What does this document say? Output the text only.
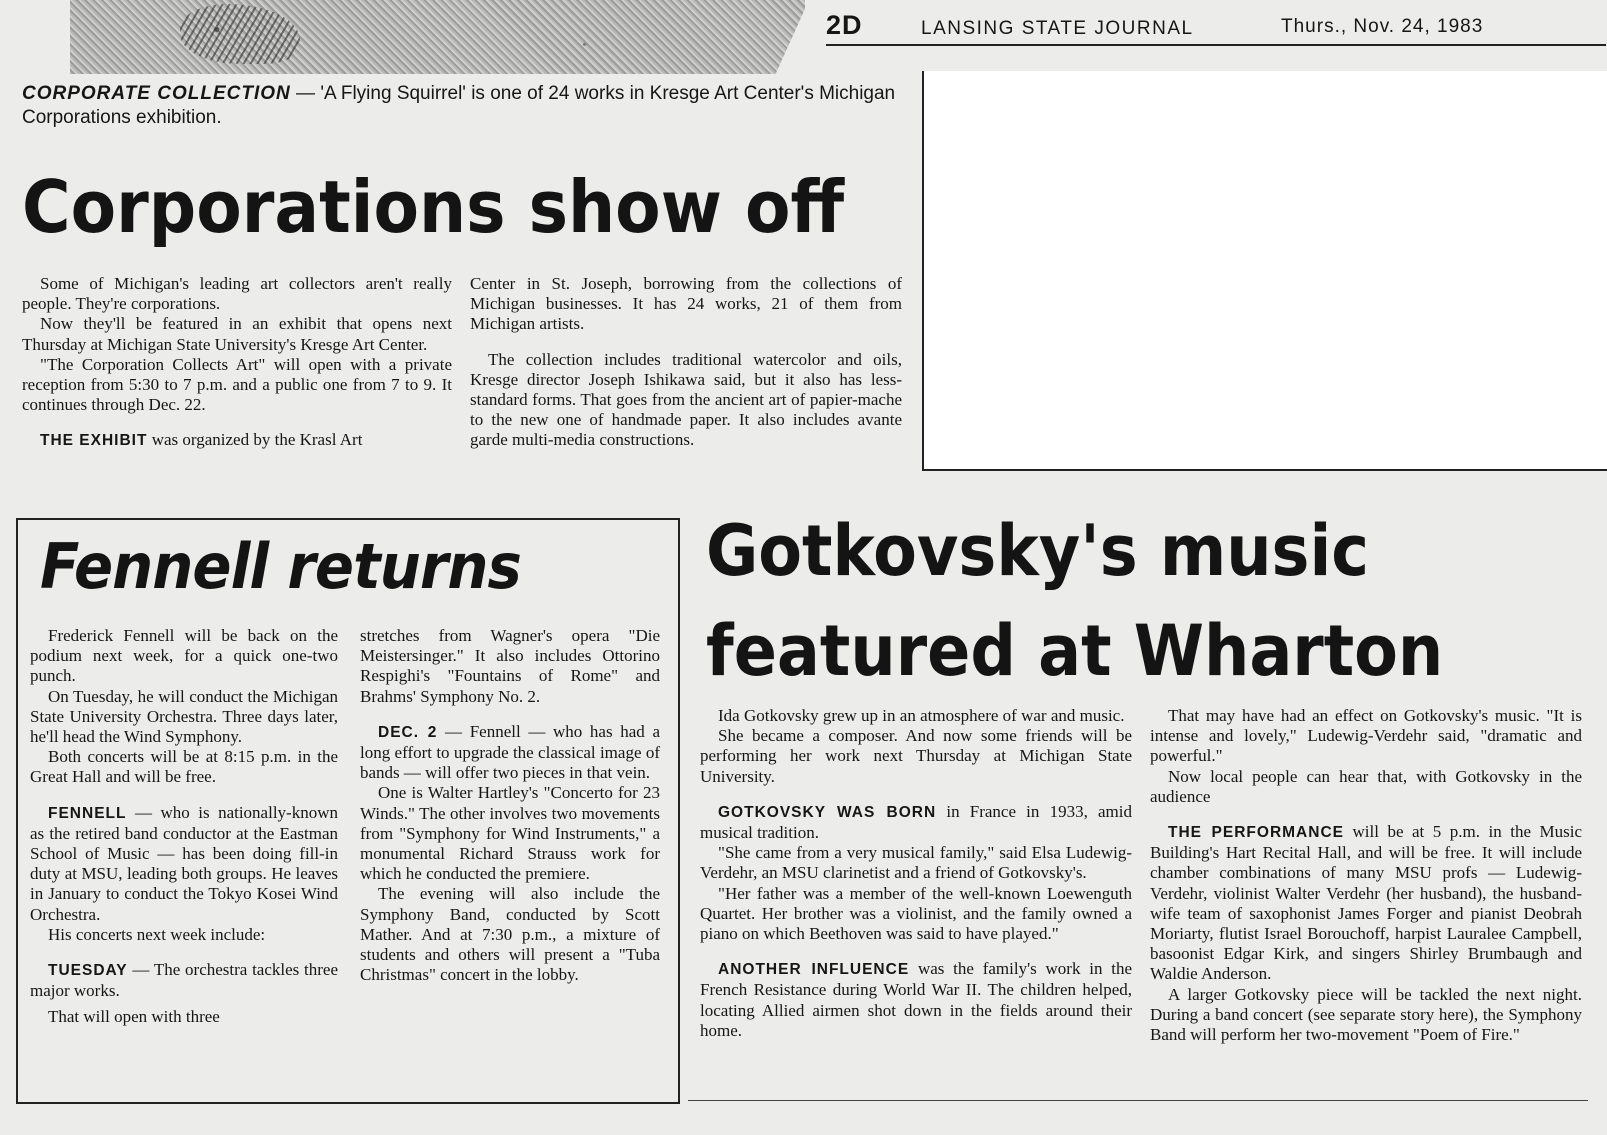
2D	LANSING STATE JOURNAL	Thurs., Nov. 24, 1983
CORPORATE COLLECTION — 'A Flying Squirrel' is one of 24 works in Kresge Art Center's Michigan Corporations exhibition.
Corporations show off

Some of Michigan's leading art collectors aren't really people. They're corporations.

Now they'll be featured in an exhibit that opens next Thursday at Michigan State University's Kresge Art Center.

"The Corporation Collects Art" will open with a private reception from 5:30 to 7 p.m. and a public one from 7 to 9. It continues through Dec. 22.

THE EXHIBIT was organized by the Krasl Art

Center in St. Joseph, borrowing from the collections of Michigan businesses. It has 24 works, 21 of them from Michigan artists.

The collection includes traditional watercolor and oils, Kresge director Joseph Ishikawa said, but it also has less-standard forms. That goes from the ancient art of papier-mache to the new one of handmade paper. It also includes avante garde multi-media constructions.

Fennell returns

Frederick Fennell will be back on the podium next week, for a quick one-two punch.

On Tuesday, he will conduct the Michigan State University Orchestra. Three days later, he'll head the Wind Symphony.

Both concerts will be at 8:15 p.m. in the Great Hall and will be free.

FENNELL — who is nationally-known as the retired band conductor at the Eastman School of Music — has been doing fill-in duty at MSU, leading both groups. He leaves in January to conduct the Tokyo Kosei Wind Orchestra.

His concerts next week include:

TUESDAY — The orchestra tackles three major works.

That will open with three

stretches from Wagner's opera "Die Meistersinger." It also includes Ottorino Respighi's "Fountains of Rome" and Brahms' Symphony No. 2.

DEC. 2 — Fennell — who has had a long effort to upgrade the classical image of bands — will offer two pieces in that vein.

One is Walter Hartley's "Concerto for 23 Winds." The other involves two movements from "Symphony for Wind Instruments," a monumental Richard Strauss work for which he conducted the premiere.

The evening will also include the Symphony Band, conducted by Scott Mather. And at 7:30 p.m., a mixture of students and others will present a "Tuba Christmas" concert in the lobby.

Gotkovsky's music
featured at Wharton

Ida Gotkovsky grew up in an atmosphere of war and music.

She became a composer. And now some friends will be performing her work next Thursday at Michigan State University.

GOTKOVSKY WAS BORN in France in 1933, amid musical tradition.

"She came from a very musical family," said Elsa Ludewig-Verdehr, an MSU clarinetist and a friend of Gotkovsky's.

"Her father was a member of the well-known Loewenguth Quartet. Her brother was a violinist, and the family owned a piano on which Beethoven was said to have played."

ANOTHER INFLUENCE was the family's work in the French Resistance during World War II. The children helped, locating Allied airmen shot down in the fields around their home.

That may have had an effect on Gotkovsky's music. "It is intense and lovely," Ludewig-Verdehr said, "dramatic and powerful."

Now local people can hear that, with Gotkovsky in the audience

THE PERFORMANCE will be at 5 p.m. in the Music Building's Hart Recital Hall, and will be free. It will include chamber combinations of many MSU profs — Ludewig-Verdehr, violinist Walter Verdehr (her husband), the husband-wife team of saxophonist James Forger and pianist Deobrah Moriarty, flutist Israel Borouchoff, harpist Lauralee Campbell, basoonist Edgar Kirk, and singers Shirley Brumbaugh and Waldie Anderson.

A larger Gotkovsky piece will be tackled the next night. During a band concert (see separate story here), the Symphony Band will perform her two-movement "Poem of Fire."
